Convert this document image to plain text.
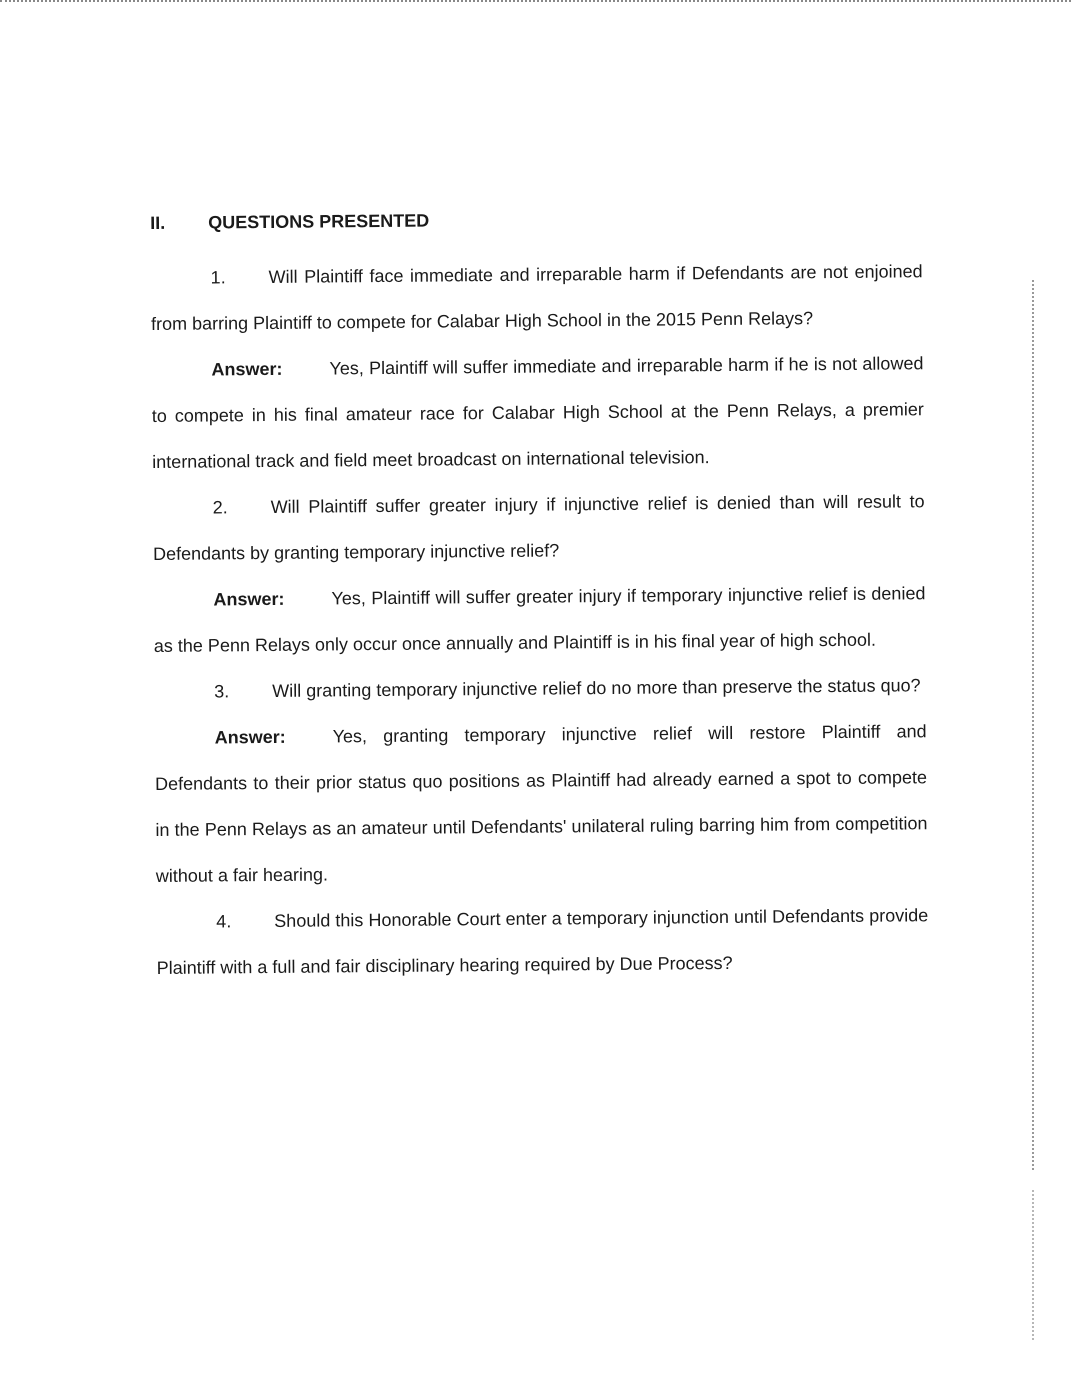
II. QUESTIONS PRESENTED

1. Will Plaintiff face immediate and irreparable harm if Defendants are not enjoined from barring Plaintiff to compete for Calabar High School in the 2015 Penn Relays?

Answer:	Yes, Plaintiff will suffer immediate and irreparable harm if he is not allowed to compete in his final amateur race for Calabar High School at the Penn Relays, a premier international track and field meet broadcast on international television.

2. Will Plaintiff suffer greater injury if injunctive relief is denied than will result to Defendants by granting temporary injunctive relief?

Answer:	Yes, Plaintiff will suffer greater injury if temporary injunctive relief is denied as the Penn Relays only occur once annually and Plaintiff is in his final year of high school.

3. Will granting temporary injunctive relief do no more than preserve the status quo?

Answer:	Yes, granting temporary injunctive relief will restore Plaintiff and Defendants to their prior status quo positions as Plaintiff had already earned a spot to compete in the Penn Relays as an amateur until Defendants' unilateral ruling barring him from competition without a fair hearing.

4. Should this Honorable Court enter a temporary injunction until Defendants provide Plaintiff with a full and fair disciplinary hearing required by Due Process?
